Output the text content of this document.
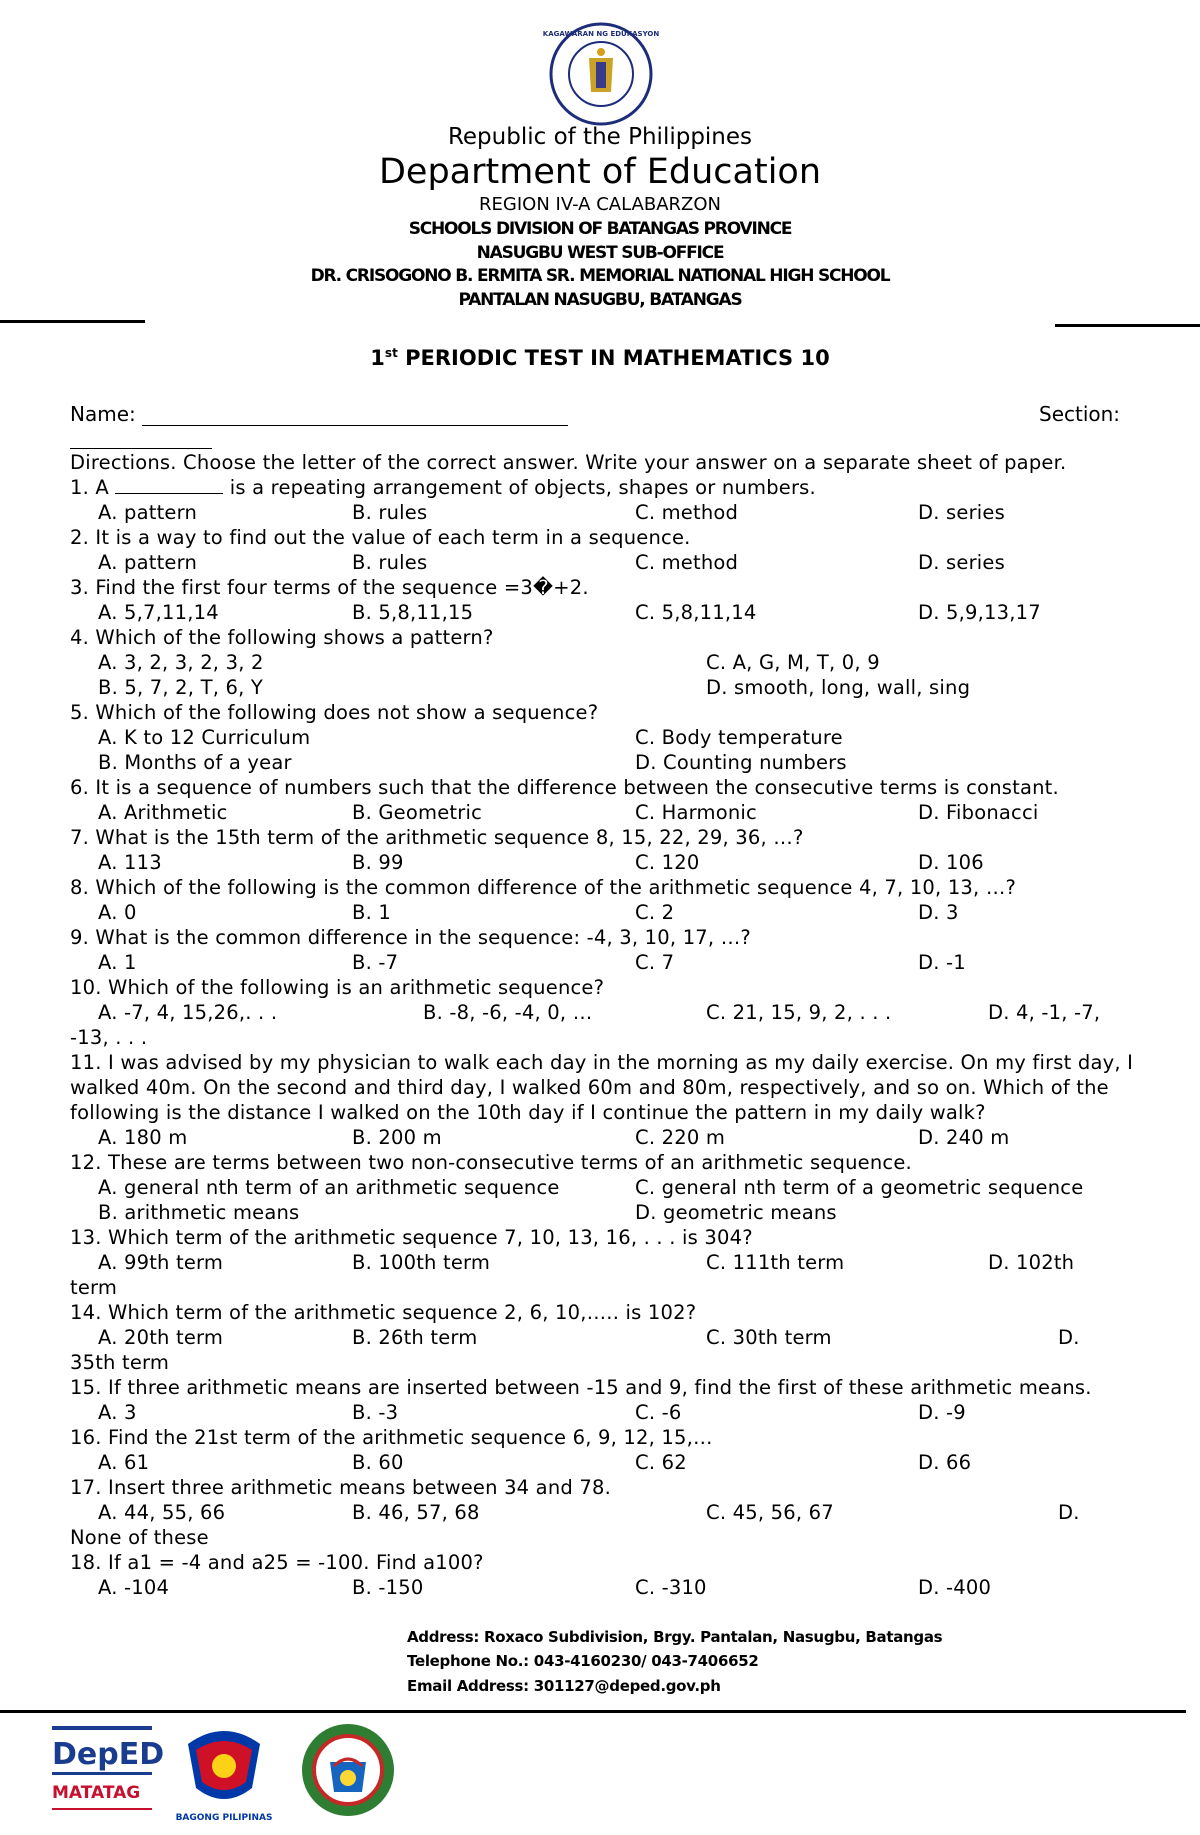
KAGAWARAN NG EDUKASYON
Republic of the Philippines
Department of Education
REGION IV-A CALABARZON
SCHOOLS DIVISION OF BATANGAS PROVINCE
NASUGBU WEST SUB-OFFICE
DR. CRISOGONO B. ERMITA SR. MEMORIAL NATIONAL HIGH SCHOOL
PANTALAN NASUGBU, BATANGAS
1st PERIODIC TEST IN MATHEMATICS 10
Name:	Section:
Directions. Choose the letter of the correct answer. Write your answer on a separate sheet of paper.
1. A	is a repeating arrangement of objects, shapes or numbers.
A. pattern	B. rules	C. method	D. series
2. It is a way to find out the value of each term in a sequence.
A. pattern	B. rules	C. method	D. series
3. Find the first four terms of the sequence =3�+2.
A. 5,7,11,14	B. 5,8,11,15	C. 5,8,11,14	D. 5,9,13,17
4. Which of the following shows a pattern?
A. 3, 2, 3, 2, 3, 2	C. A, G, M, T, 0, 9
B. 5, 7, 2, T, 6, Y	D. smooth, long, wall, sing
5. Which of the following does not show a sequence?
A. K to 12 Curriculum	C. Body temperature
B. Months of a year	D. Counting numbers
6. It is a sequence of numbers such that the difference between the consecutive terms is constant.
A. Arithmetic	B. Geometric	C. Harmonic	D. Fibonacci
7. What is the 15th term of the arithmetic sequence 8, 15, 22, 29, 36, …?
A. 113	B. 99	C. 120	D. 106
8. Which of the following is the common difference of the arithmetic sequence 4, 7, 10, 13, …?
A. 0	B. 1	C. 2	D. 3
9. What is the common difference in the sequence: -4, 3, 10, 17, …?
A. 1	B. -7	C. 7	D. -1
10. Which of the following is an arithmetic sequence?
A. -7, 4, 15,26,. . .	B. -8, -6, -4, 0, …	C. 21, 15, 9, 2, . . .	D. 4, -1, -7,
-13, . . .
11. I was advised by my physician to walk each day in the morning as my daily exercise. On my first day, I walked 40m. On the second and third day, I walked 60m and 80m, respectively, and so on. Which of the following is the distance I walked on the 10th day if I continue the pattern in my daily walk?
A. 180 m	B. 200 m	C. 220 m	D. 240 m
12. These are terms between two non-consecutive terms of an arithmetic sequence.
A. general nth term of an arithmetic sequence	C. general nth term of a geometric sequence
B. arithmetic means	D. geometric means
13. Which term of the arithmetic sequence 7, 10, 13, 16, . . . is 304?
A. 99th term	B. 100th term	C. 111th term	D. 102th
term
14. Which term of the arithmetic sequence 2, 6, 10,….. is 102?
A. 20th term	B. 26th term	C. 30th term	D.
35th term
15. If three arithmetic means are inserted between -15 and 9, find the first of these arithmetic means.
A. 3	B. -3	C. -6	D. -9
16. Find the 21st term of the arithmetic sequence 6, 9, 12, 15,…
A. 61	B. 60	C. 62	D. 66
17. Insert three arithmetic means between 34 and 78.
A. 44, 55, 66	B. 46, 57, 68	C. 45, 56, 67	D.
None of these
18. If a1 = -4 and a25 = -100. Find a100?
A. -104	B. -150	C. -310	D. -400
Address: Roxaco Subdivision, Brgy. Pantalan, Nasugbu, Batangas
Telephone No.: 043-4160230/ 043-7406652
Email Address: 301127@deped.gov.ph
DepED
MATATAG
BAGONG PILIPINAS
